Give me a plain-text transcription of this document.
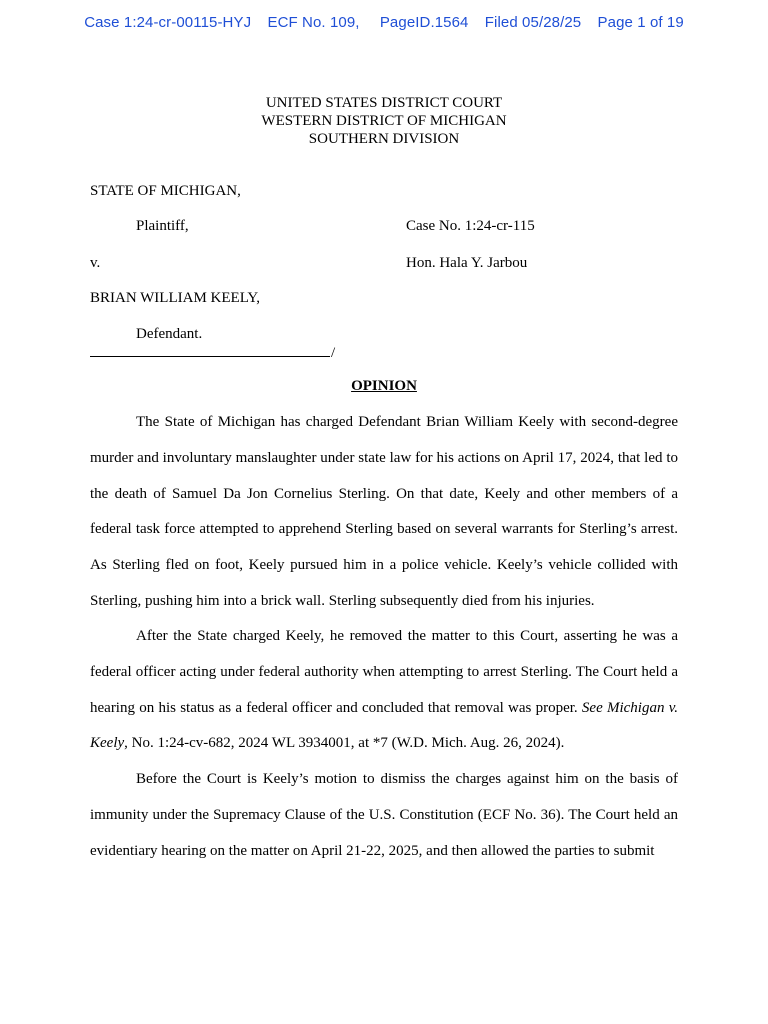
Case 1:24-cr-00115-HYJ ECF No. 109, PageID.1564 Filed 05/28/25 Page 1 of 19
UNITED STATES DISTRICT COURT
WESTERN DISTRICT OF MICHIGAN
SOUTHERN DIVISION
STATE OF MICHIGAN,
Plaintiff,	Case No. 1:24-cr-115
v.	Hon. Hala Y. Jarbou
BRIAN WILLIAM KEELY,
Defendant.
/
OPINION

The State of Michigan has charged Defendant Brian William Keely with second-degree murder and involuntary manslaughter under state law for his actions on April 17, 2024, that led to the death of Samuel Da Jon Cornelius Sterling. On that date, Keely and other members of a federal task force attempted to apprehend Sterling based on several warrants for Sterling’s arrest. As Sterling fled on foot, Keely pursued him in a police vehicle. Keely’s vehicle collided with Sterling, pushing him into a brick wall. Sterling subsequently died from his injuries.

After the State charged Keely, he removed the matter to this Court, asserting he was a federal officer acting under federal authority when attempting to arrest Sterling. The Court held a hearing on his status as a federal officer and concluded that removal was proper. See Michigan v. Keely, No. 1:24-cv-682, 2024 WL 3934001, at *7 (W.D. Mich. Aug. 26, 2024).

Before the Court is Keely’s motion to dismiss the charges against him on the basis of immunity under the Supremacy Clause of the U.S. Constitution (ECF No. 36). The Court held an evidentiary hearing on the matter on April 21-22, 2025, and then allowed the parties to submit
